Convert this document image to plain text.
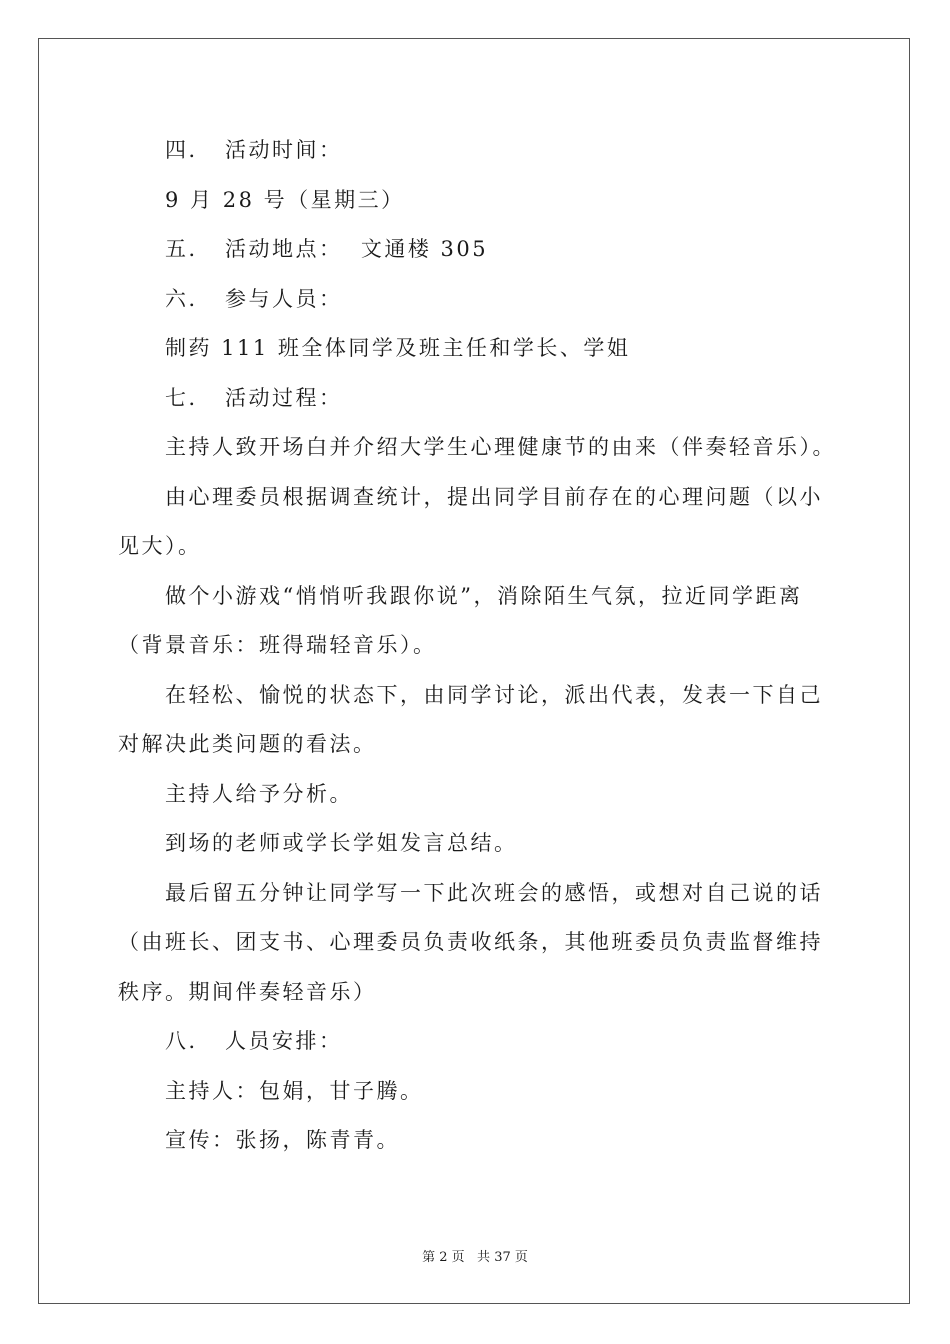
四． 活动时间：
9 月 28 号（星期三）
五． 活动地点：  文通楼 305
六． 参与人员：
制药 111 班全体同学及班主任和学长、学姐
七． 活动过程：
主持人致开场白并介绍大学生心理健康节的由来（伴奏轻音乐）。
由心理委员根据调查统计，提出同学目前存在的心理问题（以小
见大）。
做个小游戏“悄悄听我跟你说”，消除陌生气氛，拉近同学距离
（背景音乐：班得瑞轻音乐）。
在轻松、愉悦的状态下，由同学讨论，派出代表，发表一下自己
对解决此类问题的看法。
主持人给予分析。
到场的老师或学长学姐发言总结。
最后留五分钟让同学写一下此次班会的感悟，或想对自己说的话
（由班长、团支书、心理委员负责收纸条，其他班委员负责监督维持
秩序。期间伴奏轻音乐）
八． 人员安排：
主持人：包娟，甘子腾。
宣传：张扬，陈青青。
第 2 页   共 37 页
